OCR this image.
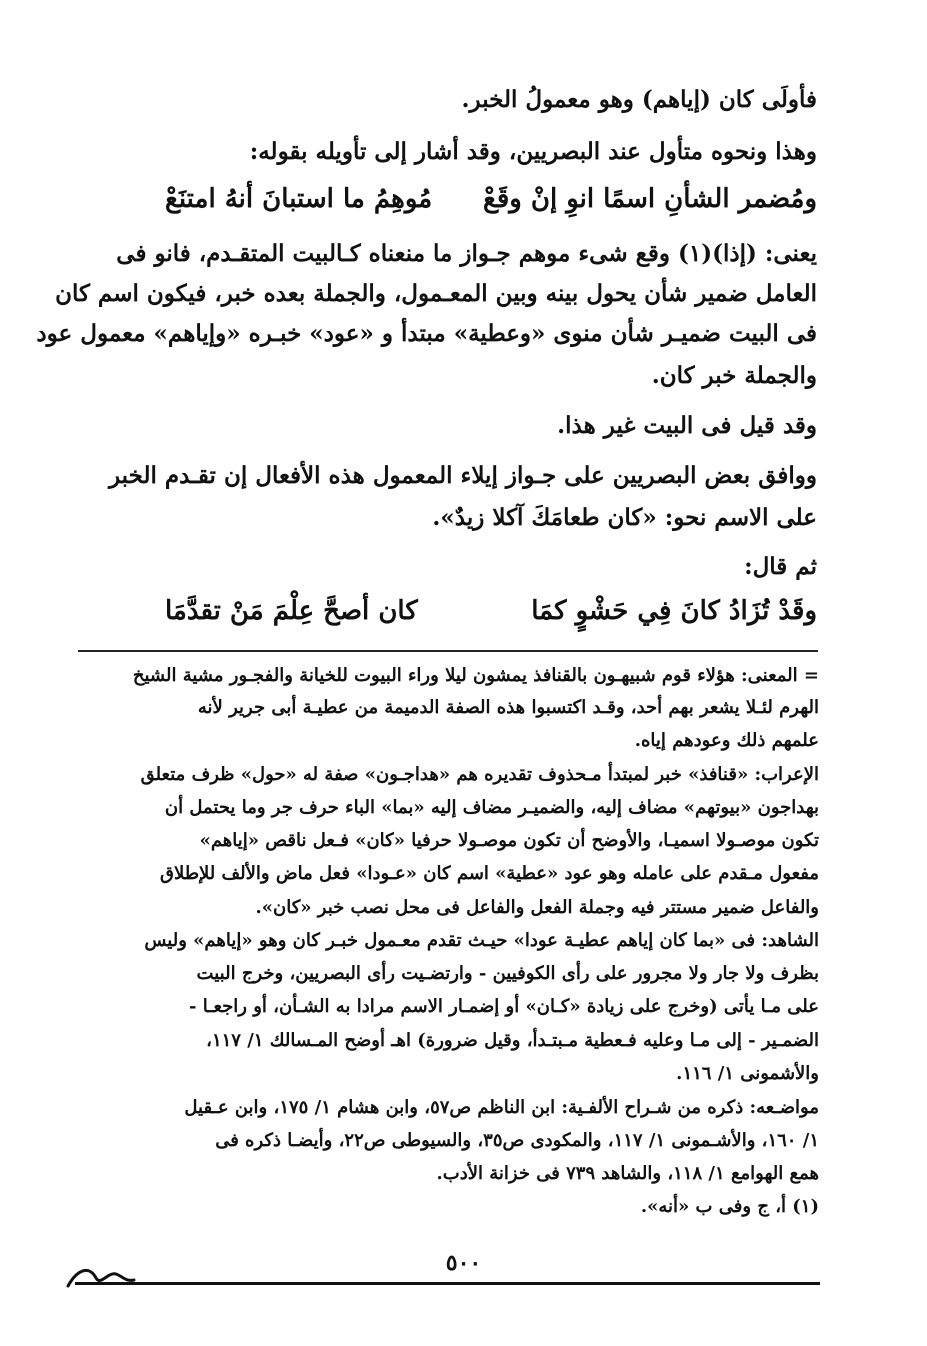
فأولَى كان (إياهم) وهو معمولُ الخبر.
وهذا ونحوه متأول عند البصريين، وقد أشار إلى تأويله بقوله:
ومُضمر الشأنِ اسمًا انوِ إنْ وقَعْ
مُوهِمُ ما استبانَ أنهُ امتنَعْ
يعنى: (إذا)(١) وقع شىء موهم جـواز ما منعناه كـالبيت المتقـدم، فانو فى
العامل ضمير شأن يحول بينه وبين المعـمول، والجملة بعده خبر، فيكون اسم كان
فى البيت ضميـر شأن منوى «وعطية» مبتدأ و «عود» خبـره «وإياهم» معمول عود
والجملة خبر كان.
وقد قيل فى البيت غير هذا.
ووافق بعض البصريين على جـواز إيلاء المعمول هذه الأفعال إن تقـدم الخبر
على الاسم نحو: «كان طعامَكَ آكلا زيدٌ».
ثم قال:
وقَدْ تُزَادُ كانَ فِي حَشْوٍ كمَا
كان أصحَّ عِلْمَ مَنْ تقدَّمَا
= المعنى: هؤلاء قوم شبيهـون بالقنافذ يمشون ليلا وراء البيوت للخيانة والفجـور مشية الشيخ
الهرم لئـلا يشعر بهم أحد، وقـد اكتسبوا هذه الصفة الدميمة من عطيـة أبى جرير لأنه
علمهم ذلك وعودهم إياه.
الإعراب: «قنافذ» خبر لمبتدأ مـحذوف تقديره هم «هداجـون» صفة له «حول» ظرف متعلق
بهداجون «بيوتهم» مضاف إليه، والضميـر مضاف إليه «بما» الباء حرف جر وما يحتمل أن
تكون موصـولا اسميـا، والأوضح أن تكون موصـولا حرفيا «كان» فـعل ناقص «إياهم»
مفعول مـقدم على عامله وهو عود «عطية» اسم كان «عـودا» فعل ماض والألف للإطلاق
والفاعل ضمير مستتر فيه وجملة الفعل والفاعل فى محل نصب خبر «كان».
الشاهد: فى «بما كان إياهم عطيـة عودا» حيـث تقدم معـمول خبـر كان وهو «إياهم» وليس
بظرف ولا جار ولا مجرور على رأى الكوفيين - وارتضـيت رأى البصريين، وخرج البيت
على مـا يأتى (وخرج على زيادة «كـان» أو إضمـار الاسم مرادا به الشـأن، أو راجعـا -
الضمـير - إلى مـا وعليه فـعطية مـبتـدأ، وقيل ضرورة) اهـ أوضح المـسالك ١/ ١١٧،
والأشمونى ١/ ١١٦.
مواضـعه: ذكره من شـراح الألفـية: ابن الناظم ص٥٧، وابن هشام ١/ ١٧٥، وابن عـقيل
١/ ١٦٠، والأشـمونى ١/ ١١٧، والمكودى ص٣٥، والسيوطى ص٢٢، وأيضـا ذكره فى
همع الهوامع ١/ ١١٨، والشاهد ٧٣٩ فى خزانة الأدب.
(١) أ، ج وفى ب «أنه».
٥٠٠
